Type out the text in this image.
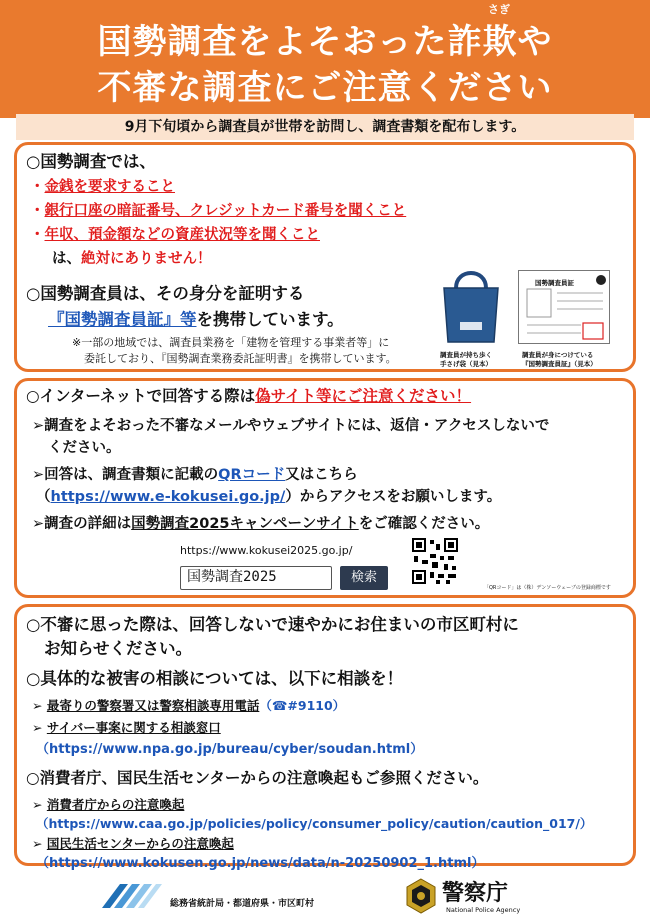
さぎ
国勢調査をよそおった詐欺や
不審な調査にご注意ください
9月下旬頃から調査員が世帯を訪問し、調査書類を配布します。
○国勢調査では、
・金銭を要求すること
・銀行口座の暗証番号、クレジットカード番号を聞くこと
・年収、預金額などの資産状況等を聞くこと
は、絶対にありません！
○国勢調査員は、その身分を証明する
『国勢調査員証』等を携帯しています。
※一部の地域では、調査員業務を「建物を管理する事業者等」に
委託しており、『国勢調査業務委託証明書』を携帯しています。	調査員が持ち歩く
手さげ袋（見本）
国勢調査員証
調査員が身につけている
『国勢調査員証』（見本）
○インターネットで回答する際は偽サイト等にご注意ください！
➢調査をよそおった不審なメールやウェブサイトには、返信・アクセスしないで
ください。
➢回答は、調査書類に記載のQRコード又はこちら
（https://www.e-kokusei.go.jp/）からアクセスをお願いします。
➢調査の詳細は国勢調査2025キャンペーンサイトをご確認ください。
https://www.kokusei2025.go.jp/
国勢調査2025	検索
「QRコード」は（株）デンソーウェーブの登録商標です
○不審に思った際は、回答しないで速やかにお住まいの市区町村に
お知らせください。
○具体的な被害の相談については、以下に相談を！
➢ 最寄りの警察署又は警察相談専用電話（☎#9110）
➢ サイバー事案に関する相談窓口
（https://www.npa.go.jp/bureau/cyber/soudan.html）
○消費者庁、国民生活センターからの注意喚起もご参照ください。
➢ 消費者庁からの注意喚起
（https://www.caa.go.jp/policies/policy/consumer_policy/caution/caution_017/）
➢ 国民生活センターからの注意喚起
（https://www.kokusen.go.jp/news/data/n-20250902_1.html）
総務省統計局・都道府県・市区町村	警察庁
National Police Agency
